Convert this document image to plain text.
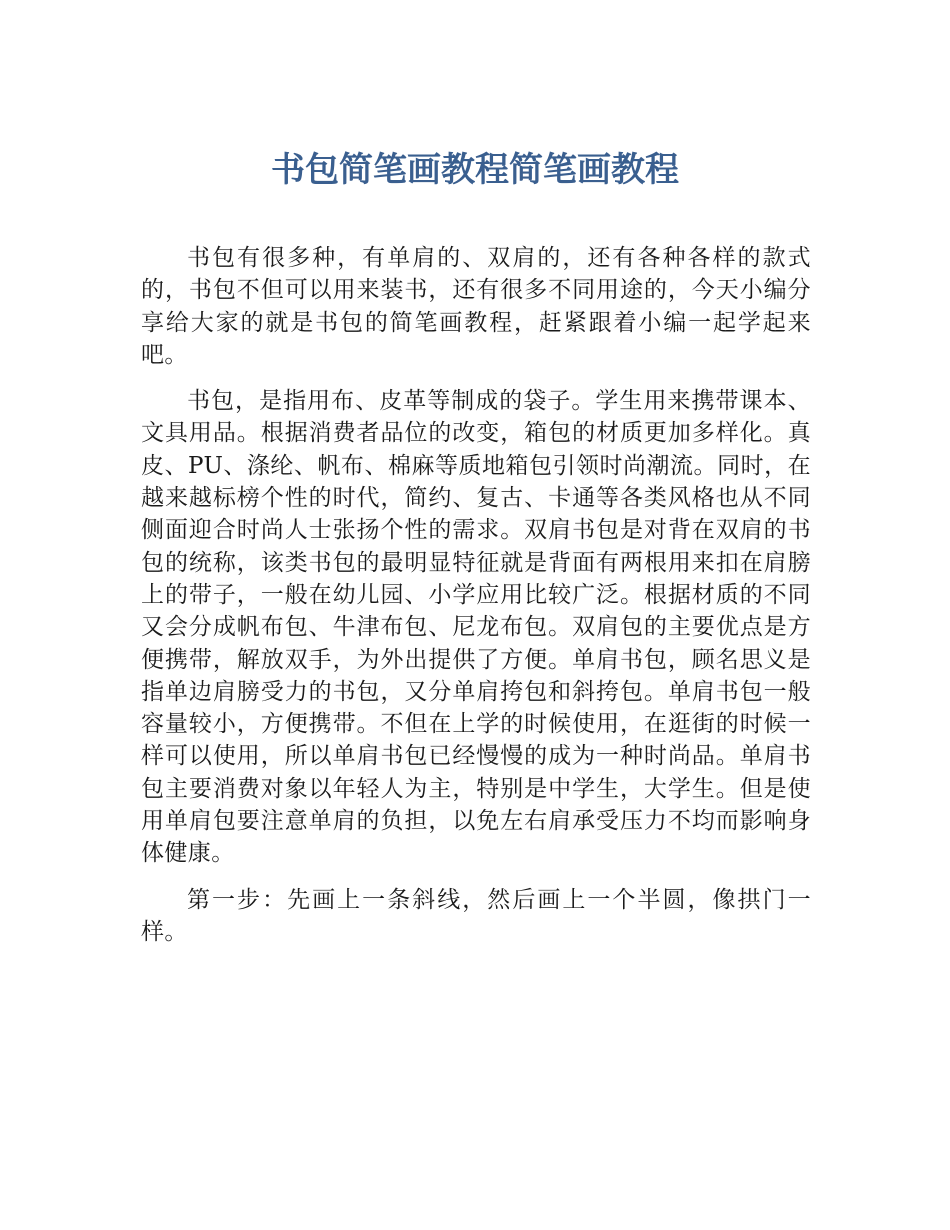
书包简笔画教程简笔画教程

书包有很多种，有单肩的、双肩的，还有各种各样的款式的，书包不但可以用来装书，还有很多不同用途的，今天小编分享给大家的就是书包的简笔画教程，赶紧跟着小编一起学起来吧。

书包，是指用布、皮革等制成的袋子。学生用来携带课本、文具用品。根据消费者品位的改变，箱包的材质更加多样化。真皮、PU、涤纶、帆布、棉麻等质地箱包引领时尚潮流。同时，在越来越标榜个性的时代，简约、复古、卡通等各类风格也从不同侧面迎合时尚人士张扬个性的需求。双肩书包是对背在双肩的书包的统称，该类书包的最明显特征就是背面有两根用来扣在肩膀上的带子，一般在幼儿园、小学应用比较广泛。根据材质的不同又会分成帆布包、牛津布包、尼龙布包。双肩包的主要优点是方便携带，解放双手，为外出提供了方便。单肩书包，顾名思义是指单边肩膀受力的书包，又分单肩挎包和斜挎包。单肩书包一般容量较小，方便携带。不但在上学的时候使用，在逛街的时候一样可以使用，所以单肩书包已经慢慢的成为一种时尚品。单肩书包主要消费对象以年轻人为主，特别是中学生，大学生。但是使用单肩包要注意单肩的负担，以免左右肩承受压力不均而影响身体健康。

第一步：先画上一条斜线，然后画上一个半圆，像拱门一样。
